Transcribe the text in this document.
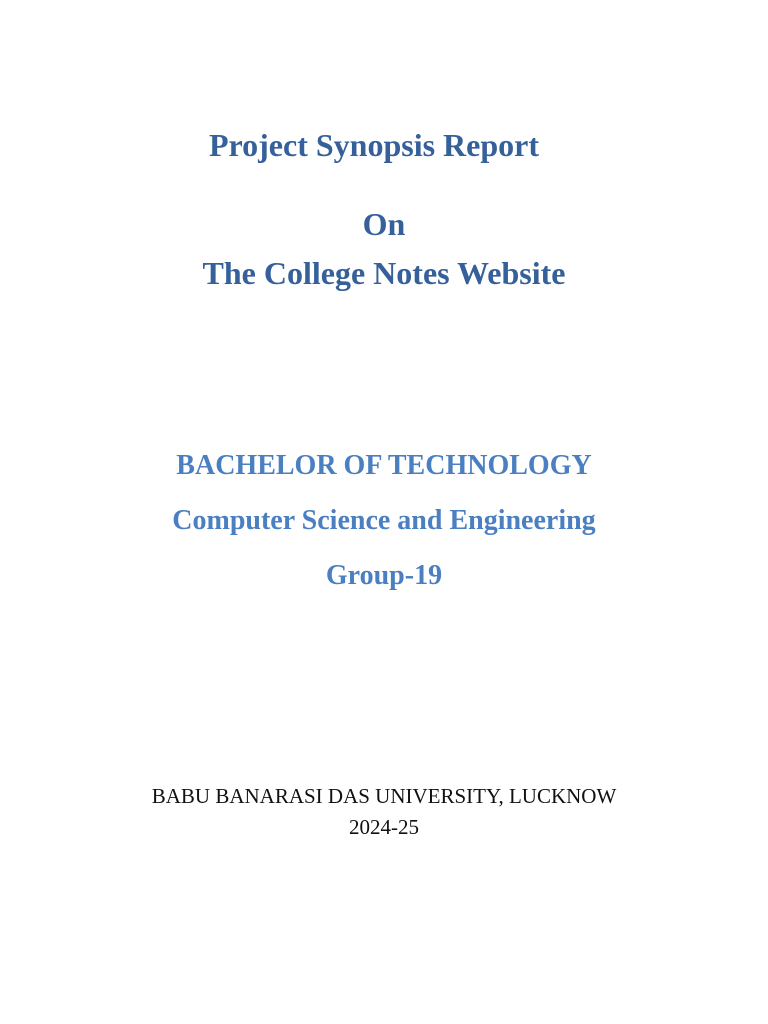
Project Synopsis Report
On
The College Notes Website
BACHELOR OF TECHNOLOGY
Computer Science and Engineering
Group-19
BABU BANARASI DAS UNIVERSITY, LUCKNOW
2024-25
